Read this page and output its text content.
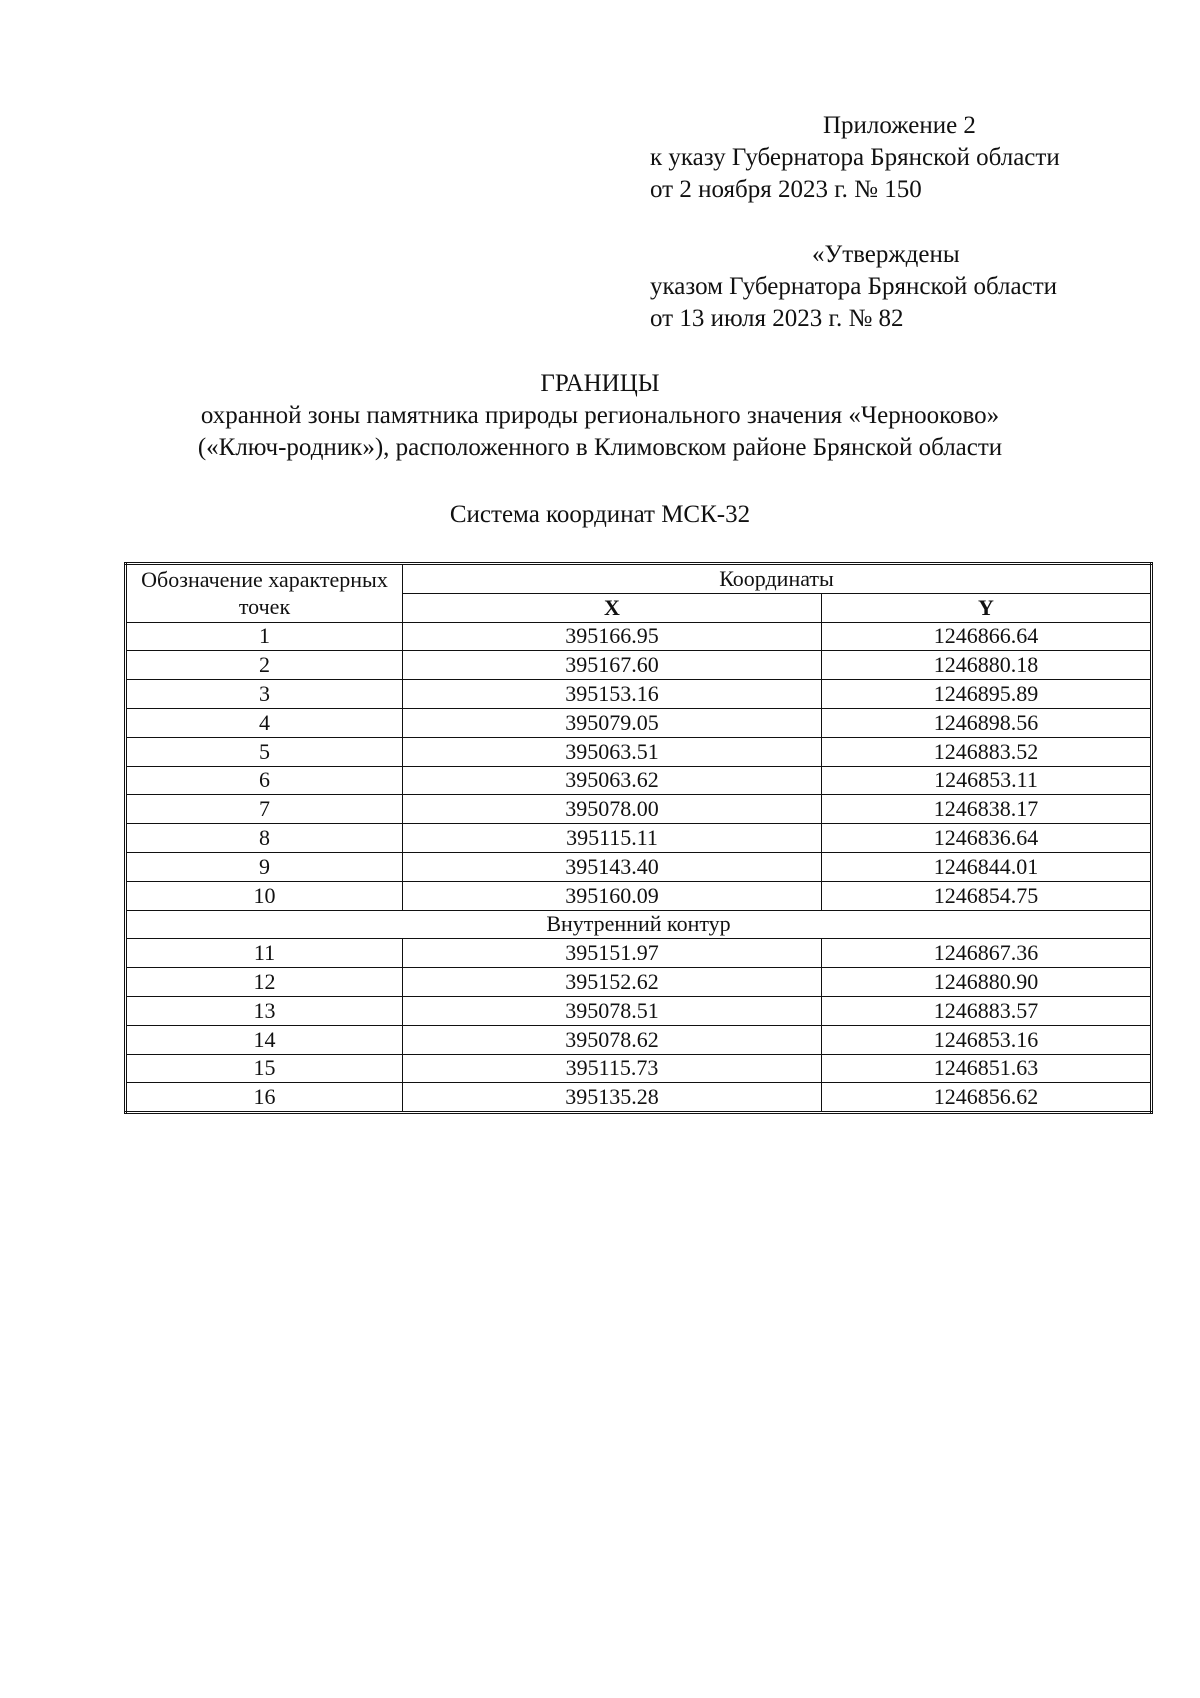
Приложение 2
к указу Губернатора Брянской области
от 2 ноября 2023 г. № 150
«Утверждены
указом Губернатора Брянской области
от 13 июля 2023 г. № 82
ГРАНИЦЫ
охранной зоны памятника природы регионального значения «Чернооково»
(«Ключ-родник»), расположенного в Климовском районе Брянской области
Система координат МСК-32
Обозначение характерных точек	Координаты	
	X	Y
1	395166.95	1246866.64
2	395167.60	1246880.18
3	395153.16	1246895.89
4	395079.05	1246898.56
5	395063.51	1246883.52
6	395063.62	1246853.11
7	395078.00	1246838.17
8	395115.11	1246836.64
9	395143.40	1246844.01
10	395160.09	1246854.75
Внутренний контур		
11	395151.97	1246867.36
12	395152.62	1246880.90
13	395078.51	1246883.57
14	395078.62	1246853.16
15	395115.73	1246851.63
16	395135.28	1246856.62
